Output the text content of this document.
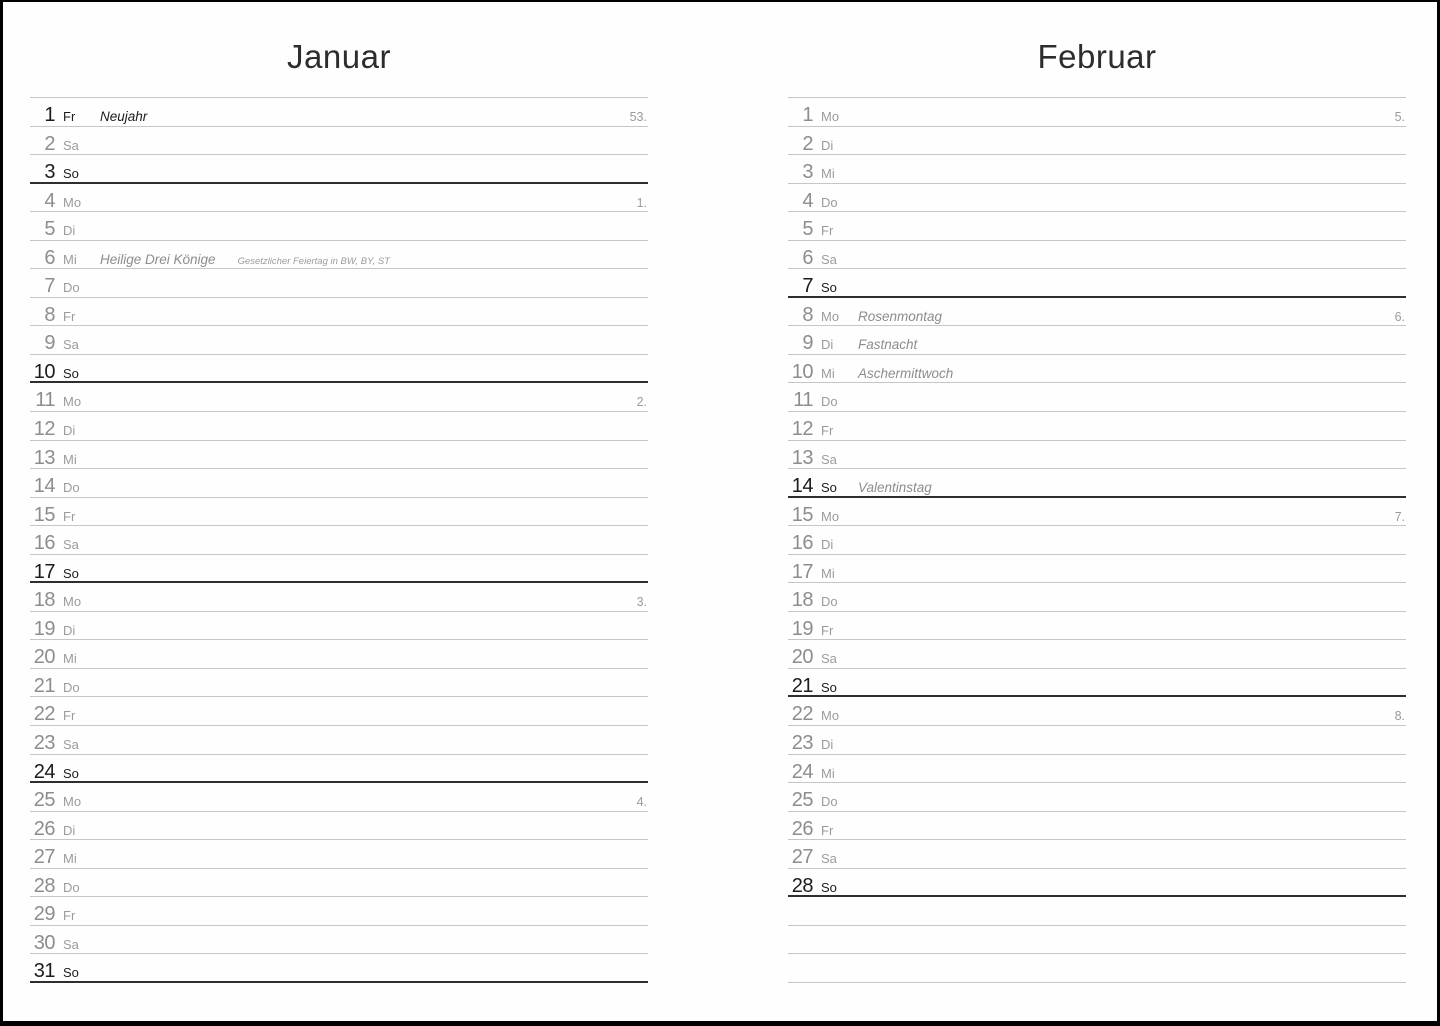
Januar
1 Fr	Neujahr	53.
2 Sa
3 So
4 Mo	1.
5 Di
6 Mi	Heilige Drei Könige Gesetzlicher Feiertag in BW, BY, ST
7 Do
8 Fr
9 Sa
10 So
11 Mo	2.
12 Di
13 Mi
14 Do
15 Fr
16 Sa
17 So
18 Mo	3.
19 Di
20 Mi
21 Do
22 Fr
23 Sa
24 So
25 Mo	4.
26 Di
27 Mi
28 Do
29 Fr
30 Sa
31 So
Februar
1 Mo	5.
2 Di
3 Mi
4 Do
5 Fr
6 Sa
7 So
8 Mo	Rosenmontag	6.
9 Di	Fastnacht
10 Mi	Aschermittwoch
11 Do
12 Fr
13 Sa
14 So	Valentinstag
15 Mo	7.
16 Di
17 Mi
18 Do
19 Fr
20 Sa
21 So
22 Mo	8.
23 Di
24 Mi
25 Do
26 Fr
27 Sa
28 So
